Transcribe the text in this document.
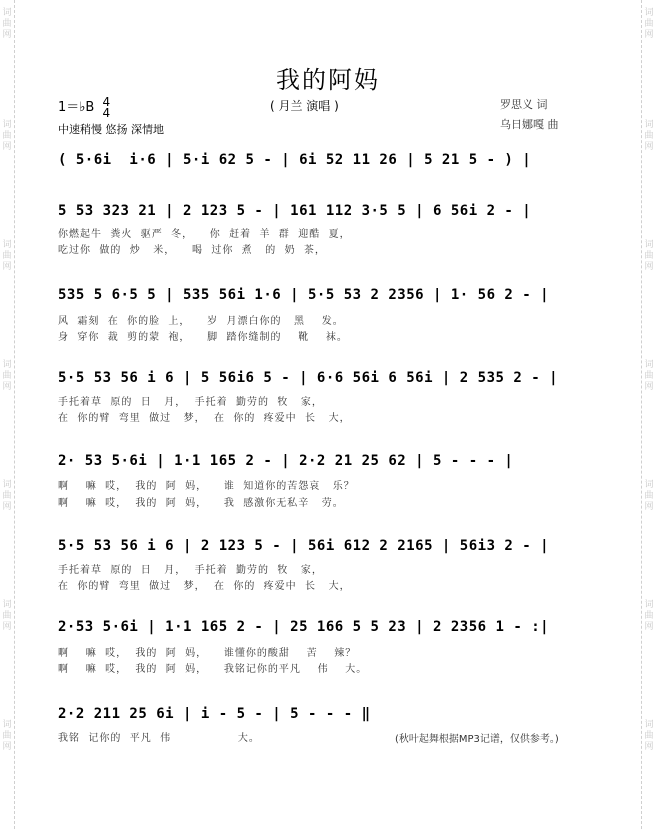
词曲网
词曲网
词曲网
词曲网
词曲网
词曲网
词曲网
词曲网
词曲网
词曲网
词曲网
词曲网
词曲网
词曲网
我的阿妈
( 月兰 演唱 )
1＝♭B 4
4
中速稍慢 悠扬 深情地
罗思义 词
乌日娜嘎 曲
( 5·6i  i·6 | 5·i 62 5 - | 6i 52 11 26 | 5 21 5 - ) |
5 53 323 21 | 2 123 5 - | 161 112 3·5 5 | 6 56i 2 - |
你燃起牛  粪火  驱严  冬，    你  赶着  羊  群  迎酷  夏，
吃过你  做的  炒   米，    喝  过你  煮   的  奶  茶，
535 5 6·5 5 | 535 56i 1·6 | 5·5 53 2 2356 | 1· 56 2 - |
风  霜刻  在  你的脸  上，    岁  月漂白你的   黑    发。
身  穿你  裁  剪的蒙  袍，    脚  踏你缝制的    靴    袜。
5·5 53 56 i 6 | 5 56i6 5 - | 6·6 56i 6 56i | 2 535 2 - |
手托着草  原的  日   月，  手托着  勤劳的  牧   家，
在  你的臂  弯里  做过   梦，  在  你的  疼爱中  长   大，
2· 53 5·6i | 1·1 165 2 - | 2·2 21 25 62 | 5 - - - |
啊    嘛  哎，  我的  阿  妈，    谁  知道你的苦怨哀   乐？
啊    嘛  哎，  我的  阿  妈，    我  感激你无私辛   劳。
5·5 53 56 i 6 | 2 123 5 - | 56i 612 2 2165 | 56i3 2 - |
手托着草  原的  日   月，  手托着  勤劳的  牧   家，
在  你的臂  弯里  做过   梦，  在  你的  疼爱中  长   大，
2·53 5·6i | 1·1 165 2 - | 25 166 5 5 23 | 2 2356 1 - :|
啊    嘛  哎，  我的  阿  妈，    谁懂你的酸甜    苦    辣？
啊    嘛  哎，  我的  阿  妈，    我铭记你的平凡    伟    大。
2·2 211 25 6i | i - 5 - | 5 - - - ‖
我铭  记你的  平凡  伟                大。	(秋叶起舞根据MP3记谱，仅供参考。)
